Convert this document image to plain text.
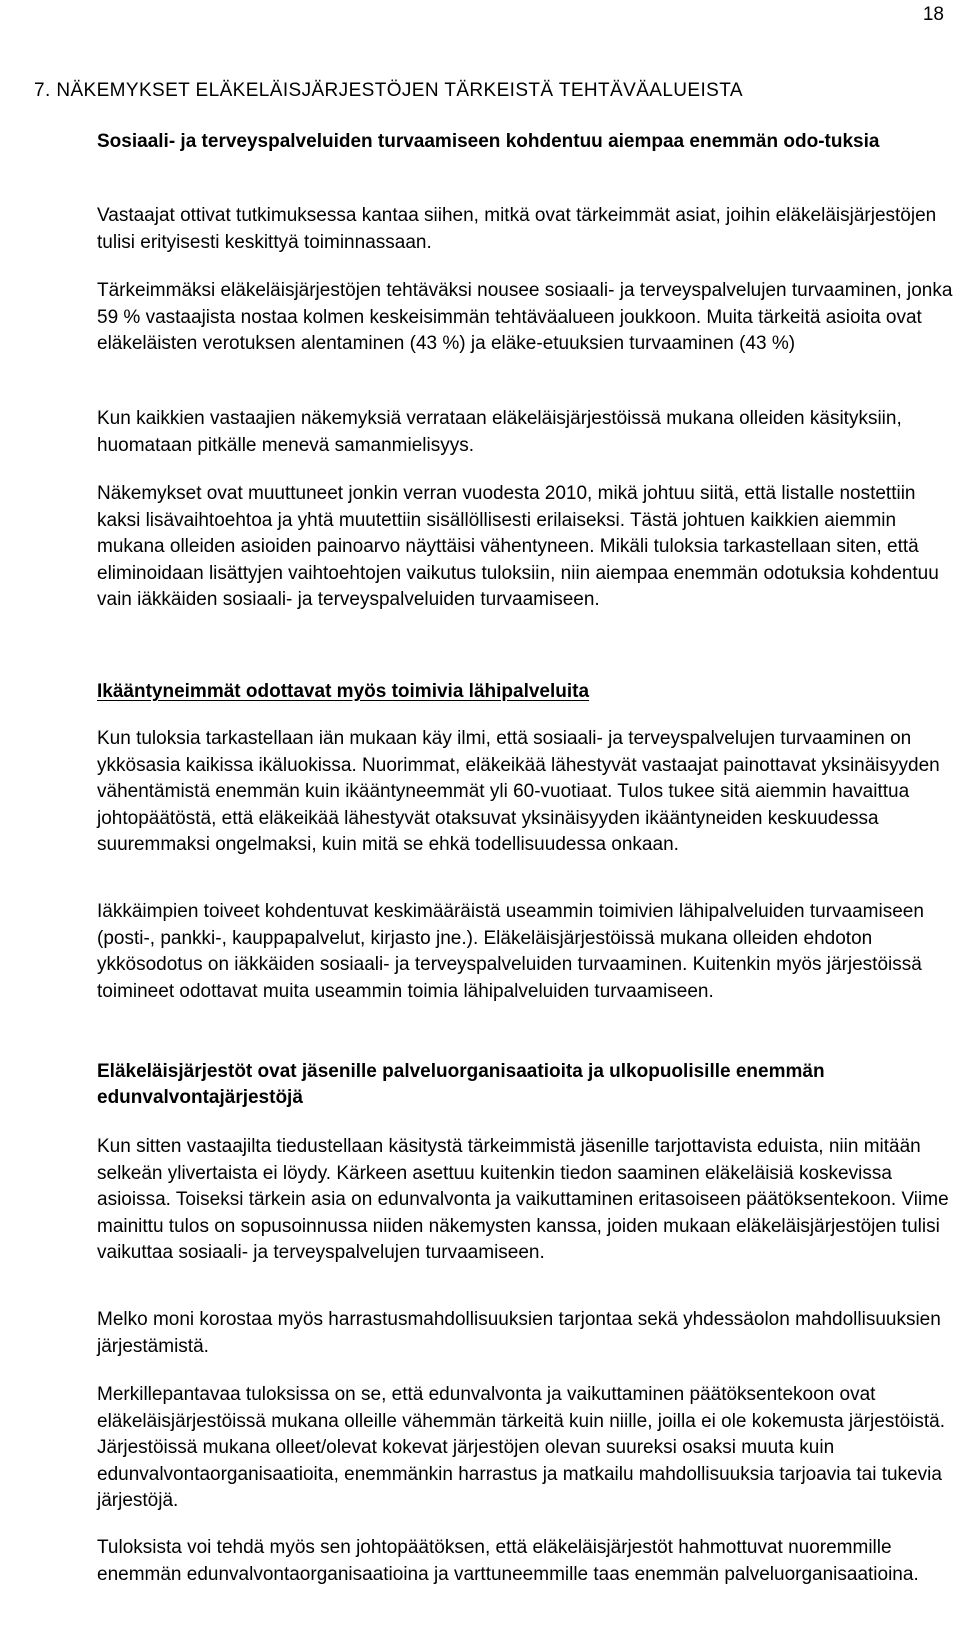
18
7. NÄKEMYKSET ELÄKELÄISJÄRJESTÖJEN TÄRKEISTÄ TEHTÄVÄALUEISTA
Sosiaali- ja terveyspalveluiden turvaamiseen kohdentuu aiempaa enemmän odo-tuksia

Vastaajat ottivat tutkimuksessa kantaa siihen, mitkä ovat tärkeimmät asiat, joihin eläkeläisjärjestöjen tulisi erityisesti keskittyä toiminnassaan.

Tärkeimmäksi eläkeläisjärjestöjen tehtäväksi nousee sosiaali- ja terveyspalvelujen turvaaminen, jonka 59 % vastaajista nostaa kolmen keskeisimmän tehtäväalueen joukkoon. Muita tärkeitä asioita ovat eläkeläisten verotuksen alentaminen (43 %) ja eläke-etuuksien turvaaminen (43 %)

Kun kaikkien vastaajien näkemyksiä verrataan eläkeläisjärjestöissä mukana olleiden käsityksiin, huomataan pitkälle menevä samanmielisyys.

Näkemykset ovat muuttuneet jonkin verran vuodesta 2010, mikä johtuu siitä, että listalle nostettiin kaksi lisävaihtoehtoa ja yhtä muutettiin sisällöllisesti erilaiseksi. Tästä johtuen kaikkien aiemmin mukana olleiden asioiden painoarvo näyttäisi vähentyneen. Mikäli tuloksia tarkastellaan siten, että eliminoidaan lisättyjen vaihtoehtojen vaikutus tuloksiin, niin aiempaa enemmän odotuksia kohdentuu vain iäkkäiden sosiaali- ja terveyspalveluiden turvaamiseen.

Ikääntyneimmät odottavat myös toimivia lähipalveluita

Kun tuloksia tarkastellaan iän mukaan käy ilmi, että sosiaali- ja terveyspalvelujen turvaaminen on ykkösasia kaikissa ikäluokissa. Nuorimmat, eläkeikää lähestyvät vastaajat painottavat yksinäisyyden vähentämistä enemmän kuin ikääntyneemmät yli 60-vuotiaat. Tulos tukee sitä aiemmin havaittua johtopäätöstä, että eläkeikää lähestyvät otaksuvat yksinäisyyden ikääntyneiden keskuudessa suuremmaksi ongelmaksi, kuin mitä se ehkä todellisuudessa onkaan.

Iäkkäimpien toiveet kohdentuvat keskimääräistä useammin toimivien lähipalveluiden turvaamiseen (posti-, pankki-, kauppapalvelut, kirjasto jne.). Eläkeläisjärjestöissä mukana olleiden ehdoton ykkösodotus on iäkkäiden sosiaali- ja terveyspalveluiden turvaaminen. Kuitenkin myös järjestöissä toimineet odottavat muita useammin toimia lähipalveluiden turvaamiseen.

Eläkeläisjärjestöt ovat jäsenille palveluorganisaatioita ja ulkopuolisille enemmän edunvalvontajärjestöjä

Kun sitten vastaajilta tiedustellaan käsitystä tärkeimmistä jäsenille tarjottavista eduista, niin mitään selkeän ylivertaista ei löydy. Kärkeen asettuu kuitenkin tiedon saaminen eläkeläisiä koskevissa asioissa. Toiseksi tärkein asia on edunvalvonta ja vaikuttaminen eritasoiseen päätöksentekoon. Viime mainittu tulos on sopusoinnussa niiden näkemysten kanssa, joiden mukaan eläkeläisjärjestöjen tulisi vaikuttaa sosiaali- ja terveyspalvelujen turvaamiseen.

Melko moni korostaa myös harrastusmahdollisuuksien tarjontaa sekä yhdessäolon mahdollisuuksien järjestämistä.

Merkillepantavaa tuloksissa on se, että edunvalvonta ja vaikuttaminen päätöksentekoon ovat eläkeläisjärjestöissä mukana olleille vähemmän tärkeitä kuin niille, joilla ei ole kokemusta järjestöistä. Järjestöissä mukana olleet/olevat kokevat järjestöjen olevan suureksi osaksi muuta kuin edunvalvontaorganisaatioita, enemmänkin harrastus ja matkailu mahdollisuuksia tarjoavia tai tukevia järjestöjä.

Tuloksista voi tehdä myös sen johtopäätöksen, että eläkeläisjärjestöt hahmottuvat nuoremmille enemmän edunvalvontaorganisaatioina ja varttuneemmille taas enemmän palveluorganisaatioina.
